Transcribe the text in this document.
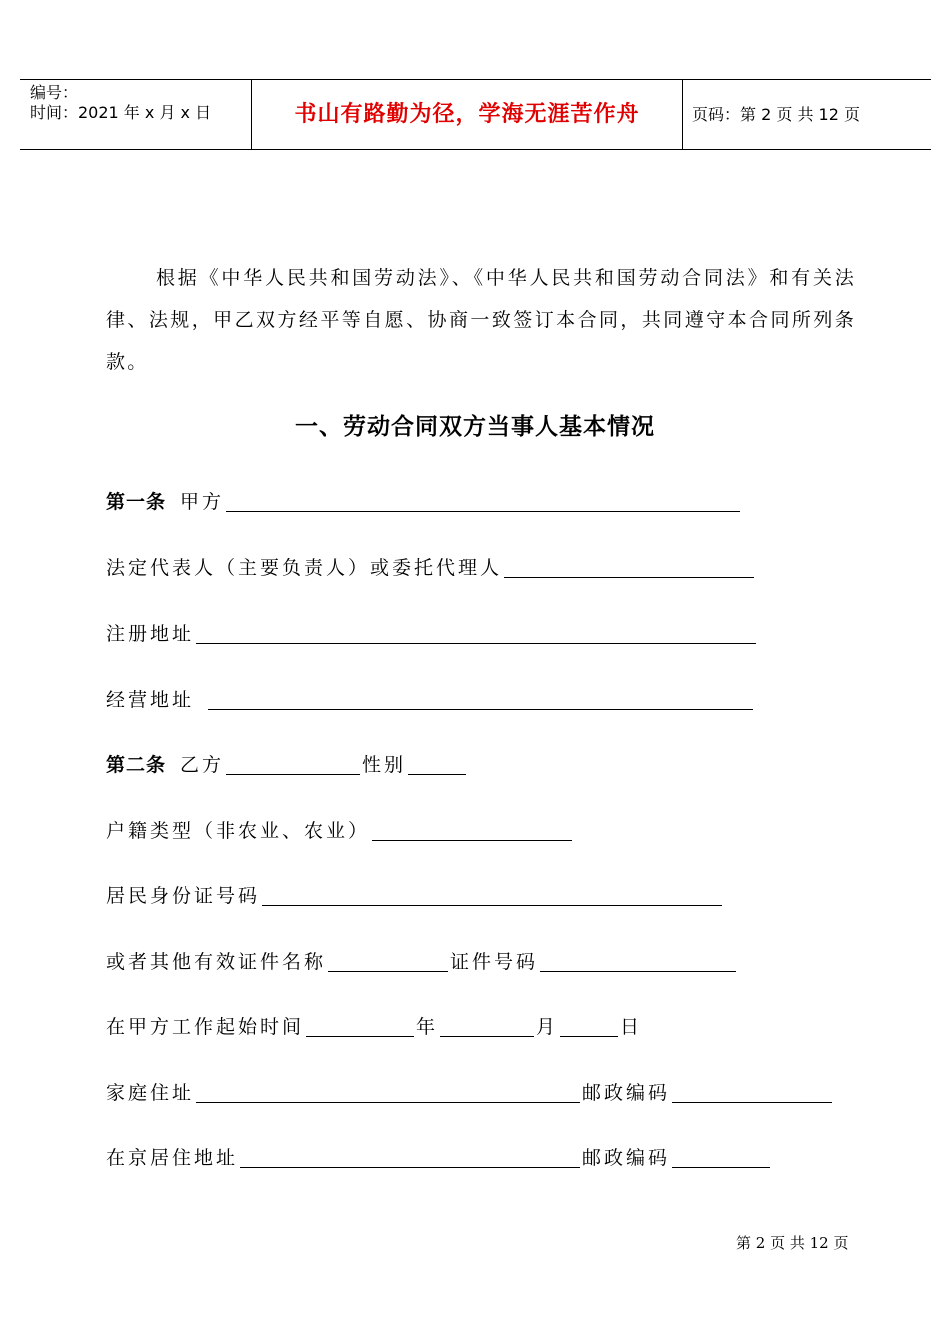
编号：
时间：2021 年 x 月 x 日	书山有路勤为径，学海无涯苦作舟	页码：第 2 页 共 12 页
根据《中华人民共和国劳动法》、《中华人民共和国劳动合同法》和有关法律、法规，甲乙双方经平等自愿、协商一致签订本合同，共同遵守本合同所列条款。
一、劳动合同双方当事人基本情况
第一条 甲方
法定代表人（主要负责人）或委托代理人
注册地址
经营地址
第二条 乙方	性别
户籍类型（非农业、农业）
居民身份证号码
或者其他有效证件名称	证件号码
在甲方工作起始时间	年	月	日
家庭住址	邮政编码
在京居住地址	邮政编码
第 2 页 共 12 页
